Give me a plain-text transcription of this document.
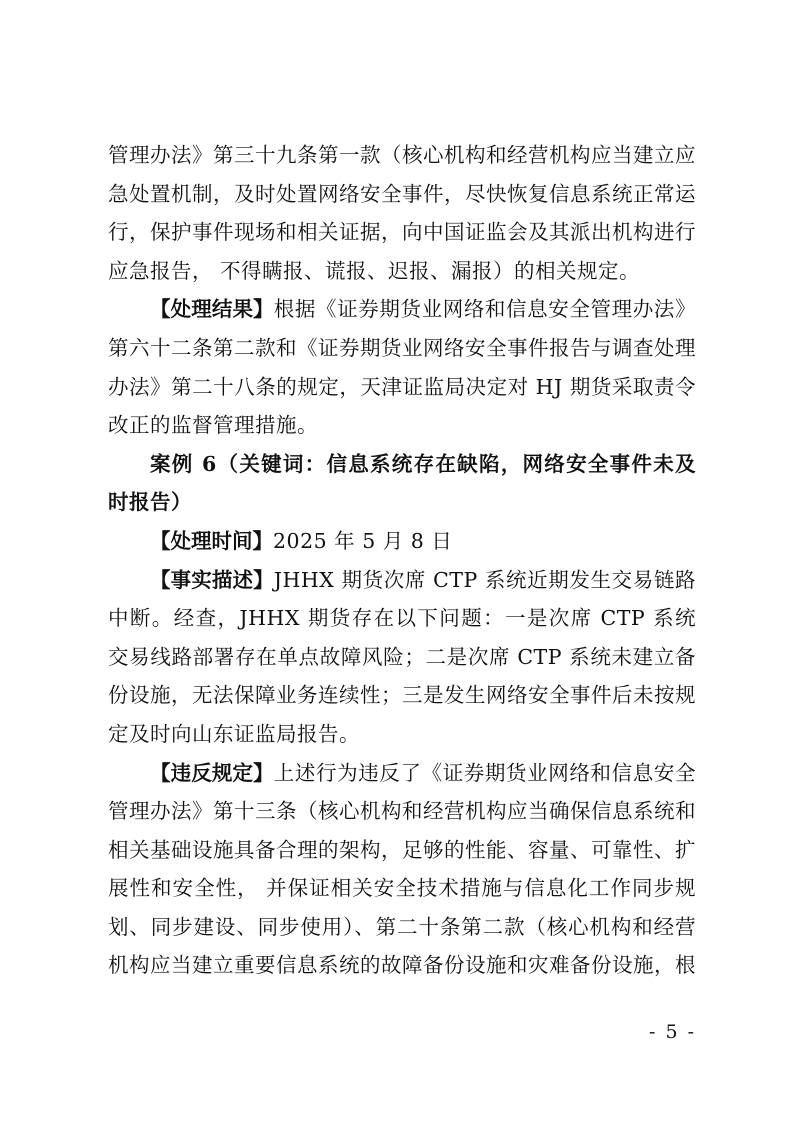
管理办法》第三十九条第一款（核心机构和经营机构应当建立应急处置机制，及时处置网络安全事件，尽快恢复信息系统正常运行，保护事件现场和相关证据，向中国证监会及其派出机构进行应急报告， 不得瞒报、谎报、迟报、漏报）的相关规定。

【处理结果】根据《证券期货业网络和信息安全管理办法》第六十二条第二款和《证券期货业网络安全事件报告与调查处理办法》第二十八条的规定，天津证监局决定对 HJ 期货采取责令改正的监督管理措施。

案例 6（关键词：信息系统存在缺陷，网络安全事件未及时报告）

【处理时间】2025 年 5 月 8 日

【事实描述】JHHX 期货次席 CTP 系统近期发生交易链路中断。经查，JHHX 期货存在以下问题：一是次席 CTP 系统交易线路部署存在单点故障风险；二是次席 CTP 系统未建立备份设施，无法保障业务连续性；三是发生网络安全事件后未按规定及时向山东证监局报告。

【违反规定】上述行为违反了《证券期货业网络和信息安全管理办法》第十三条（核心机构和经营机构应当确保信息系统和相关基础设施具备合理的架构，足够的性能、容量、可靠性、扩展性和安全性， 并保证相关安全技术措施与信息化工作同步规划、同步建设、同步使用）、第二十条第二款（核心机构和经营机构应当建立重要信息系统的故障备份设施和灾难备份设施，根

- 5 -
